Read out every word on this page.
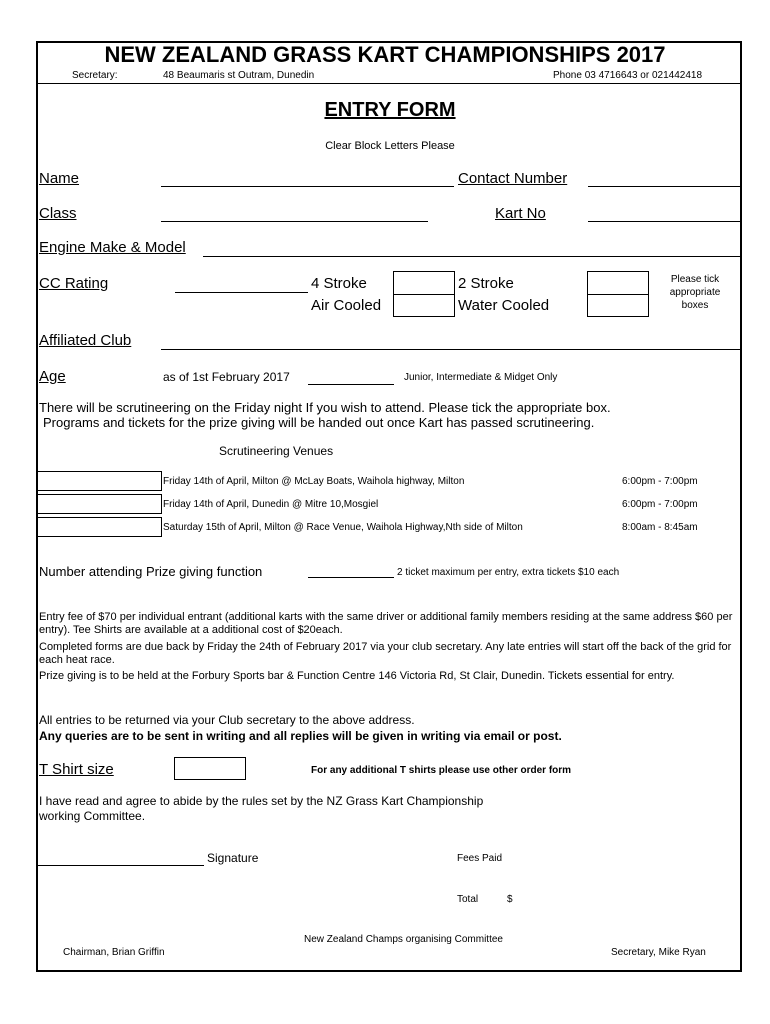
NEW ZEALAND GRASS KART CHAMPIONSHIPS 2017
Secretary:	48 Beaumaris st Outram, Dunedin	Phone 03 4716643 or 021442418
ENTRY FORM
Clear Block Letters Please
Name	Contact Number
Class	Kart No
Engine Make & Model
CC Rating	4 Stroke
Air Cooled
2 Stroke
Water Cooled
Please tick
appropriate
boxes
Affiliated Club
Age	as of 1st February 2017	Junior, Intermediate & Midget Only
There will be scrutineering on the Friday night If you wish to attend. Please tick the appropriate box.
Programs and tickets for the prize giving will be handed out once Kart has passed scrutineering.
Scrutineering Venues
Friday 14th of April, Milton @ McLay Boats, Waihola highway, Milton	6:00pm - 7:00pm
Friday 14th of April, Dunedin @ Mitre 10,Mosgiel	6:00pm - 7:00pm
Saturday 15th of April, Milton @ Race Venue, Waihola Highway,Nth side of Milton	8:00am - 8:45am
Number attending Prize giving function	2 ticket maximum per entry, extra tickets $10 each
Entry fee of $70 per individual entrant (additional karts with the same driver or additional family members residing at the same address $60 per entry). Tee Shirts are available at a additional cost of $20each.
Completed forms are due back by Friday the 24th of February 2017 via your club secretary. Any late entries will start off the back of the grid for each heat race.
Prize giving is to be held at the Forbury Sports bar & Function Centre 146 Victoria Rd, St Clair, Dunedin. Tickets essential for entry.
All entries to be returned via your Club secretary to the above address.
Any queries are to be sent in writing and all replies will be given in writing via email or post.
T Shirt size	For any additional T shirts please use other order form
I have read and agree to abide by the rules set by the NZ Grass Kart Championship
working Committee.
Signature	Fees Paid
Total	$
New Zealand Champs organising Committee
Chairman, Brian Griffin	Secretary, Mike Ryan
